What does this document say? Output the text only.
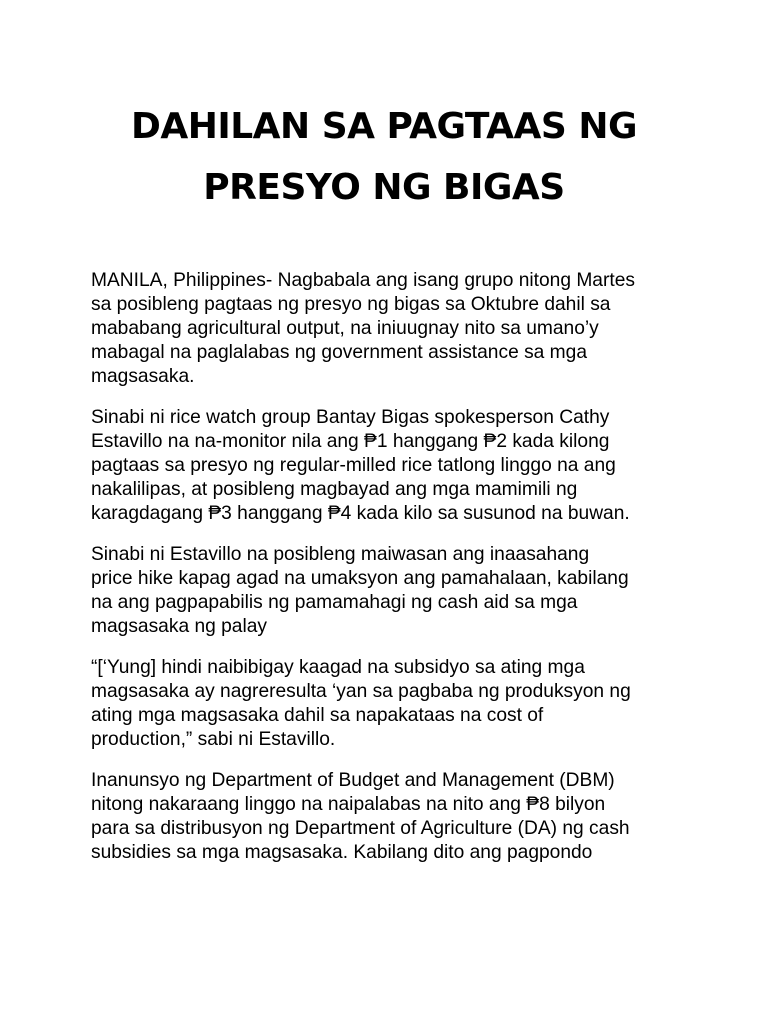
DAHILAN SA PAGTAAS NG
PRESYO NG BIGAS

MANILA, Philippines- Nagbabala ang isang grupo nitong Martes
sa posibleng pagtaas ng presyo ng bigas sa Oktubre dahil sa
mababang agricultural output, na iniuugnay nito sa umano’y
mabagal na paglalabas ng government assistance sa mga
magsasaka.

Sinabi ni rice watch group Bantay Bigas spokesperson Cathy
Estavillo na na-monitor nila ang ₱1 hanggang ₱2 kada kilong
pagtaas sa presyo ng regular-milled rice tatlong linggo na ang
nakalilipas, at posibleng magbayad ang mga mamimili ng
karagdagang ₱3 hanggang ₱4 kada kilo sa susunod na buwan.

Sinabi ni Estavillo na posibleng maiwasan ang inaasahang
price hike kapag agad na umaksyon ang pamahalaan, kabilang
na ang pagpapabilis ng pamamahagi ng cash aid sa mga
magsasaka ng palay

“[‘Yung] hindi naibibigay kaagad na subsidyo sa ating mga
magsasaka ay nagreresulta ‘yan sa pagbaba ng produksyon ng
ating mga magsasaka dahil sa napakataas na cost of
production,” sabi ni Estavillo.

Inanunsyo ng Department of Budget and Management (DBM)
nitong nakaraang linggo na naipalabas na nito ang ₱8 bilyon
para sa distribusyon ng Department of Agriculture (DA) ng cash
subsidies sa mga magsasaka. Kabilang dito ang pagpondo
